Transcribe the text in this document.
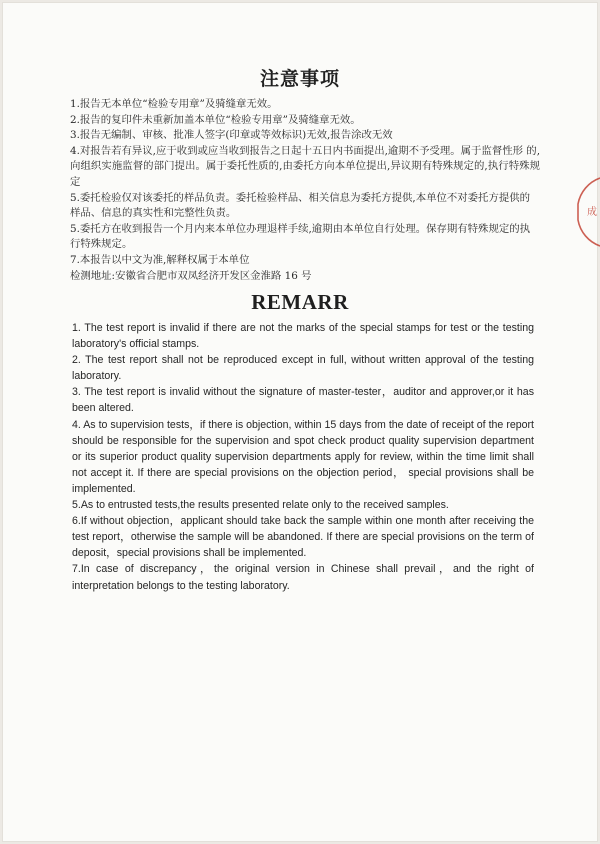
注意事项
1.报告无本单位“检验专用章”及骑缝章无效。
2.报告的复印件未重新加盖本单位“检验专用章”及骑缝章无效。
3.报告无编制、审核、批准人签字(印章或等效标识)无效,报告涂改无效
4.对报告若有异议,应于收到或应当收到报告之日起十五日内书面提出,逾期不予受理。属于监督性形 的,向组织实施监督的部门提出。属于委托性质的,由委托方向本单位提出,异议期有特殊规定的,执行特殊规定
5.委托检验仅对该委托的样品负责。委托检验样品、相关信息为委托方提供,本单位不对委托方提供的样品、信息的真实性和完整性负责。
5.委托方在收到报告一个月内来本单位办理退样手续,逾期由本单位自行处理。保存期有特殊规定的执行特殊规定。
7.本报告以中文为准,解释权属于本单位
检测地址:安徽省合肥市双凤经济开发区金淮路 16 号
REMARR
1. The test report is invalid if there are not the marks of the special stamps for test or the testing laboratory's official stamps.
2. The test report shall not be reproduced except in full, without written approval of the testing laboratory.
3. The test report is invalid without the signature of master-tester，auditor and approver,or it has been altered.
4. As to supervision tests，if there is objection, within 15 days from the date of receipt of the report should be responsible for the supervision and spot check product quality supervision department or its superior product quality supervision departments apply for review, within the time limit shall not accept it. If there are special provisions on the objection period， special provisions shall be implemented.
5.As to entrusted tests,the results presented relate only to the received samples.
6.If without objection，applicant should take back the sample within one month after receiving the test report，otherwise the sample will be abandoned. If there are special provisions on the term of deposit，special provisions shall be implemented.
7.In case of discrepancy，the original version in Chinese shall prevail，and the right of interpretation belongs to the testing laboratory.
成
